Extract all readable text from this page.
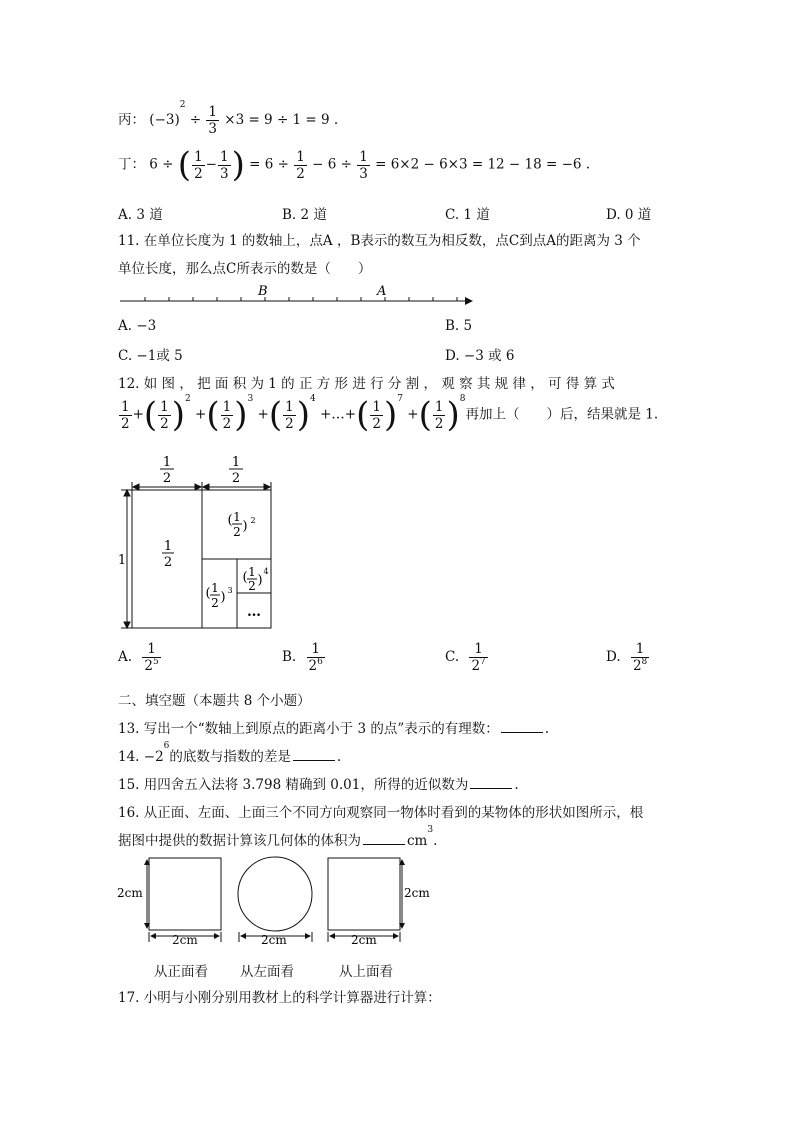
丙： $(-3)^2 \div \frac{1}{3} \times 3 = 9 \div 1 = 9$ .
丁： 6 ÷ ( $\frac{1}{2} - \frac{1}{3}$ ) = $6 \div \frac{1}{2} - 6 \div \frac{1}{3} = 6\times 2 - 6\times 3 = 12 - 18 = -6$ .
A. 3 道	B. 2 道	C. 1 道	D. 0 道
11. 在单位长度为 1 的数轴上，点A ，B表示的数互为相反数，点C到点A的距离为 3 个
单位长度，那么点C所表示的数是（　　）
B	A
A. −3	B. 5
C. −1或 5	D. −3 或 6
12. 如 图 ， 把 面 积 为 1 的 正 方 形 进 行 分 割 ， 观 察 其 规 律 ， 可 得 算 式
$\frac{1}{2}$ +( $\frac{1}{2} )^2$ +( $\frac{1}{2} )^3$ +( $\frac{1}{2} )^4$ +…+( $\frac{1}{2} )^7$ +( $\frac{1}{2} )^8$再加上（　　）后，结果就是 1.
1
2
1
2
1
1
2
( 1
2 ) 2
( 1
2 ) 3
( 1
2 )
4
…
A. $\frac{1}{2^5}$	B. $\frac{1}{2^6}$	C. $\frac{1}{2^7}$	D. $\frac{1}{2^8}$
二、填空题（本题共 8 个小题）
13. 写出一个“数轴上到原点的距离小于 3 的点”表示的有理数：	.
14. $-2^6$的底数与指数的差是	.
15. 用四舍五入法将 3.798 精确到 0.01，所得的近似数为	.
16. 从正面、左面、上面三个不同方向观察同一物体时看到的某物体的形状如图所示，根
据图中提供的数据计算该几何体的体积为	$cm^3$.
2cm
2cm	2cm
2cm
2cm
从正面看 从左面看	从上面看
17. 小明与小刚分别用教材上的科学计算器进行计算：
